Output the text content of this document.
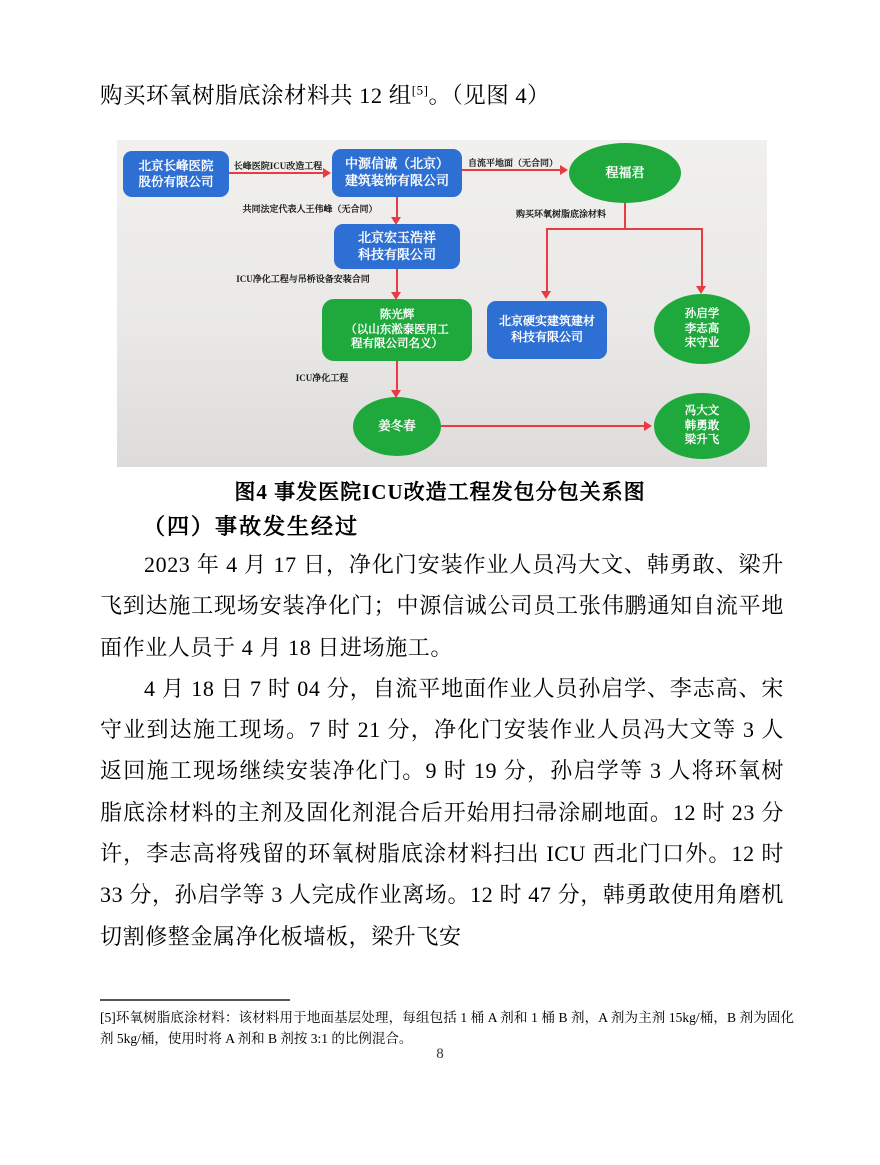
购买环氧树脂底涂材料共 12 组[5]。（见图 4）
北京长峰医院
股份有限公司
中源信诚（北京）
建筑装饰有限公司
程福君
北京宏玉浩祥
科技有限公司
陈光辉
（以山东淞泰医用工
程有限公司名义）
北京硬实建筑建材
科技有限公司
孙启学
李志高
宋守业
姜冬春
冯大文
韩勇敢
梁升飞
长峰医院ICU改造工程	自流平地面（无合同）
共同法定代表人王伟峰（无合同）	购买环氧树脂底涂材料
ICU净化工程与吊桥设备安装合同
ICU净化工程
图4 事发医院ICU改造工程发包分包关系图
（四）事故发生经过

2023 年 4 月 17 日，净化门安装作业人员冯大文、韩勇敢、梁升飞到达施工现场安装净化门；中源信诚公司员工张伟鹏通知自流平地面作业人员于 4 月 18 日进场施工。

4 月 18 日 7 时 04 分，自流平地面作业人员孙启学、李志高、宋守业到达施工现场。7 时 21 分，净化门安装作业人员冯大文等 3 人返回施工现场继续安装净化门。9 时 19 分，孙启学等 3 人将环氧树脂底涂材料的主剂及固化剂混合后开始用扫帚涂刷地面。12 时 23 分许，李志高将残留的环氧树脂底涂材料扫出 ICU 西北门口外。12 时 33 分，孙启学等 3 人完成作业离场。12 时 47 分，韩勇敢使用角磨机切割修整金属净化板墙板，梁升飞安

[5]环氧树脂底涂材料：该材料用于地面基层处理，每组包括 1 桶 A 剂和 1 桶 B 剂，A 剂为主剂 15kg/桶，B 剂为固化剂 5kg/桶，使用时将 A 剂和 B 剂按 3:1 的比例混合。
8
